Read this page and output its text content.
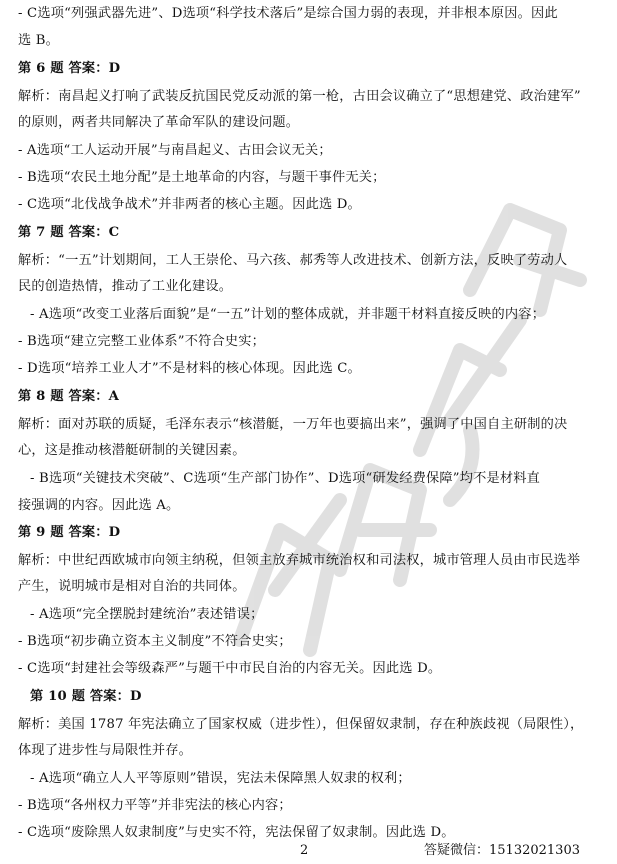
- C选项“列强武器先进”、D选项“科学技术落后”是综合国力弱的表现，并非根本原因。因此
选 B。
第 6 题 答案：D
解析：南昌起义打响了武装反抗国民党反动派的第一枪，古田会议确立了“思想建党、政治建军”
的原则，两者共同解决了革命军队的建设问题。
- A选项“工人运动开展”与南昌起义、古田会议无关；
- B选项“农民土地分配”是土地革命的内容，与题干事件无关；
- C选项“北伐战争战术”并非两者的核心主题。因此选 D。
第 7 题 答案：C
解析：“一五”计划期间，工人王崇伦、马六孩、郝秀等人改进技术、创新方法，反映了劳动人
民的创造热情，推动了工业化建设。
- A选项“改变工业落后面貌”是“一五”计划的整体成就，并非题干材料直接反映的内容；
- B选项“建立完整工业体系”不符合史实；
- D选项“培养工业人才”不是材料的核心体现。因此选 C。
第 8 题 答案：A
解析：面对苏联的质疑，毛泽东表示“核潜艇，一万年也要搞出来”，强调了中国自主研制的决
心，这是推动核潜艇研制的关键因素。
- B选项“关键技术突破”、C选项“生产部门协作”、D选项“研发经费保障”均不是材料直
接强调的内容。因此选 A。
第 9 题 答案：D
解析：中世纪西欧城市向领主纳税，但领主放弃城市统治权和司法权，城市管理人员由市民选举
产生，说明城市是相对自治的共同体。
- A选项“完全摆脱封建统治”表述错误；
- B选项“初步确立资本主义制度”不符合史实；
- C选项“封建社会等级森严”与题干中市民自治的内容无关。因此选 D。
第 10 题 答案：D
解析：美国 1787 年宪法确立了国家权威（进步性），但保留奴隶制，存在种族歧视（局限性），
体现了进步性与局限性并存。
- A选项“确立人人平等原则”错误，宪法未保障黑人奴隶的权利；
- B选项“各州权力平等”并非宪法的核心内容；
- C选项“废除黑人奴隶制度”与史实不符，宪法保留了奴隶制。因此选 D。
2	答疑微信：15132021303
